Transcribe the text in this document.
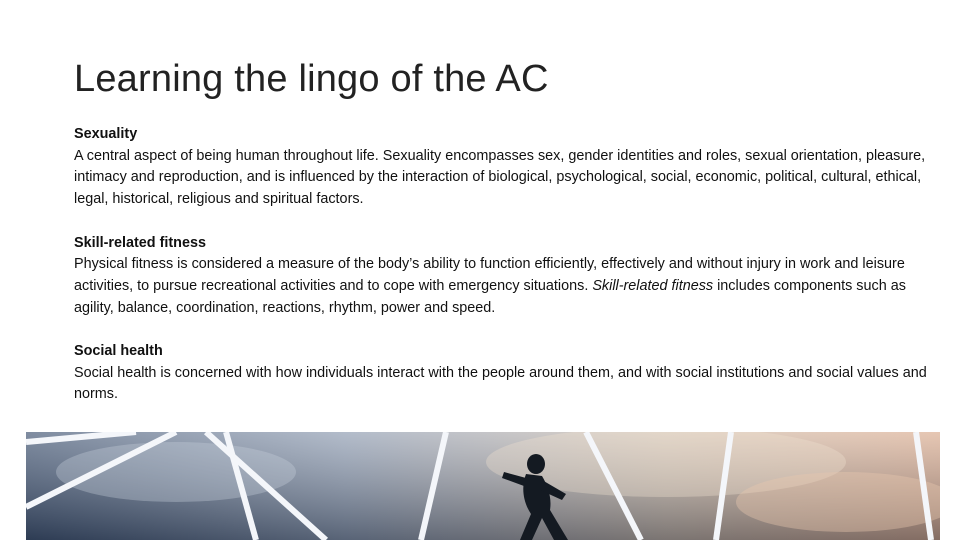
Learning the lingo of the AC
Sexuality
A central aspect of being human throughout life. Sexuality encompasses sex, gender identities and roles, sexual orientation, pleasure, intimacy and reproduction, and is influenced by the interaction of biological, psychological, social, economic, political, cultural, ethical, legal, historical, religious and spiritual factors.
Skill-related fitness
Physical fitness is considered a measure of the body’s ability to function efficiently, effectively and without injury in work and leisure activities, to pursue recreational activities and to cope with emergency situations. Skill-related fitness includes components such as agility, balance, coordination, reactions, rhythm, power and speed.
Social health
Social health is concerned with how individuals interact with the people around them, and with social institutions and social values and norms.
